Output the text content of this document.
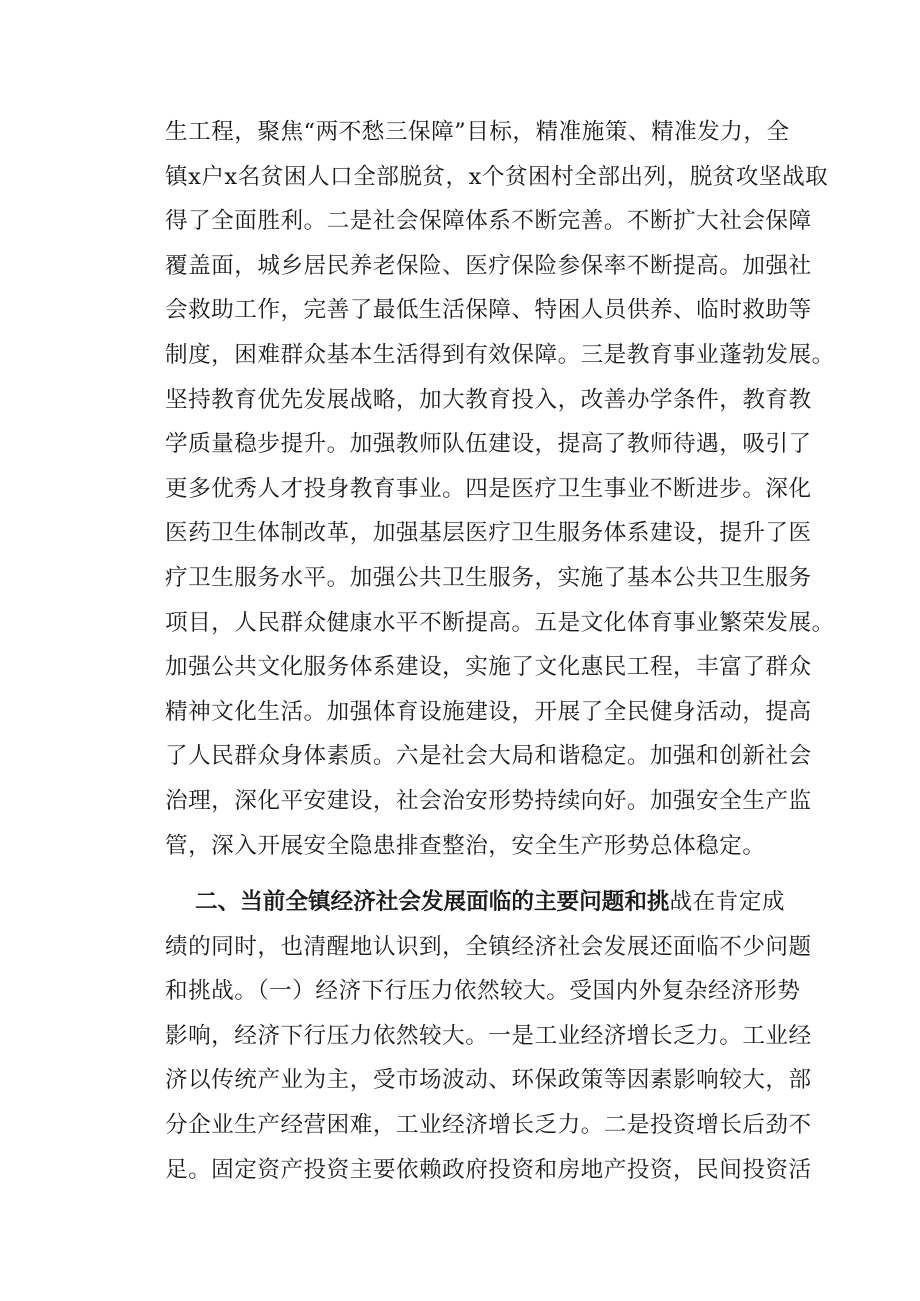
生工程，聚焦“两不愁三保障”目标，精准施策、精准发力，全
镇x户x名贫困人口全部脱贫，x个贫困村全部出列，脱贫攻坚战取
得了全面胜利。二是社会保障体系不断完善。不断扩大社会保障
覆盖面，城乡居民养老保险、医疗保险参保率不断提高。加强社
会救助工作，完善了最低生活保障、特困人员供养、临时救助等
制度，困难群众基本生活得到有效保障。三是教育事业蓬勃发展。
坚持教育优先发展战略，加大教育投入，改善办学条件，教育教
学质量稳步提升。加强教师队伍建设，提高了教师待遇，吸引了
更多优秀人才投身教育事业。四是医疗卫生事业不断进步。深化
医药卫生体制改革，加强基层医疗卫生服务体系建设，提升了医
疗卫生服务水平。加强公共卫生服务，实施了基本公共卫生服务
项目，人民群众健康水平不断提高。五是文化体育事业繁荣发展。
加强公共文化服务体系建设，实施了文化惠民工程，丰富了群众
精神文化生活。加强体育设施建设，开展了全民健身活动，提高
了人民群众身体素质。六是社会大局和谐稳定。加强和创新社会
治理，深化平安建设，社会治安形势持续向好。加强安全生产监
管，深入开展安全隐患排查整治，安全生产形势总体稳定。
二、当前全镇经济社会发展面临的主要问题和挑战在肯定成
绩的同时，也清醒地认识到，全镇经济社会发展还面临不少问题
和挑战。（一）经济下行压力依然较大。受国内外复杂经济形势
影响，经济下行压力依然较大。一是工业经济增长乏力。工业经
济以传统产业为主，受市场波动、环保政策等因素影响较大，部
分企业生产经营困难，工业经济增长乏力。二是投资增长后劲不
足。固定资产投资主要依赖政府投资和房地产投资，民间投资活
